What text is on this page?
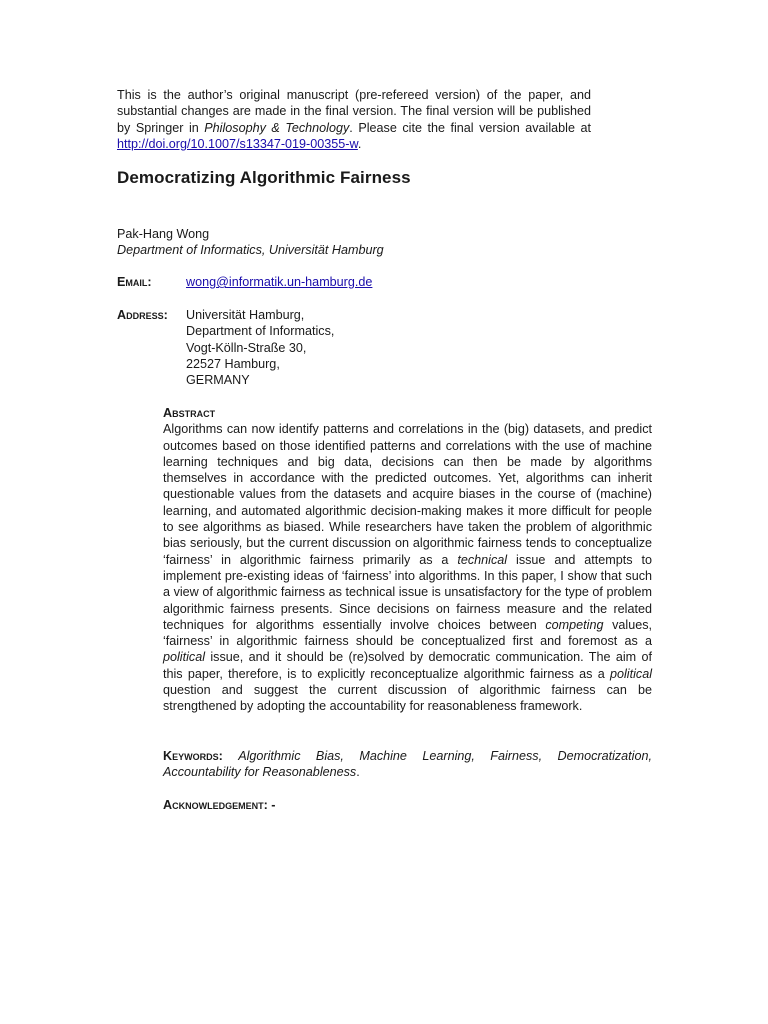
This is the author’s original manuscript (pre-refereed version) of the paper, and substantial changes are made in the final version. The final version will be published by Springer in Philosophy & Technology. Please cite the final version available at http://doi.org/10.1007/s13347-019-00355-w.
Democratizing Algorithmic Fairness
Pak-Hang Wong
Department of Informatics, Universität Hamburg
Email:	wong@informatik.un-hamburg.de
Address: Universität Hamburg,
Department of Informatics,
Vogt-Kölln-Straße 30,
22527 Hamburg,
GERMANY
Abstract
Algorithms can now identify patterns and correlations in the (big) datasets, and predict outcomes based on those identified patterns and correlations with the use of machine learning techniques and big data, decisions can then be made by algorithms themselves in accordance with the predicted outcomes. Yet, algorithms can inherit questionable values from the datasets and acquire biases in the course of (machine) learning, and automated algorithmic decision-making makes it more difficult for people to see algorithms as biased. While researchers have taken the problem of algorithmic bias seriously, but the current discussion on algorithmic fairness tends to conceptualize ‘fairness’ in algorithmic fairness primarily as a technical issue and attempts to implement pre-existing ideas of ‘fairness’ into algorithms. In this paper, I show that such a view of algorithmic fairness as technical issue is unsatisfactory for the type of problem algorithmic fairness presents. Since decisions on fairness measure and the related techniques for algorithms essentially involve choices between competing values, ‘fairness’ in algorithmic fairness should be conceptualized first and foremost as a political issue, and it should be (re)solved by democratic communication. The aim of this paper, therefore, is to explicitly reconceptualize algorithmic fairness as a political question and suggest the current discussion of algorithmic fairness can be strengthened by adopting the accountability for reasonableness framework.
Keywords: Algorithmic Bias, Machine Learning, Fairness, Democratization, Accountability for Reasonableness.
Acknowledgement: -
